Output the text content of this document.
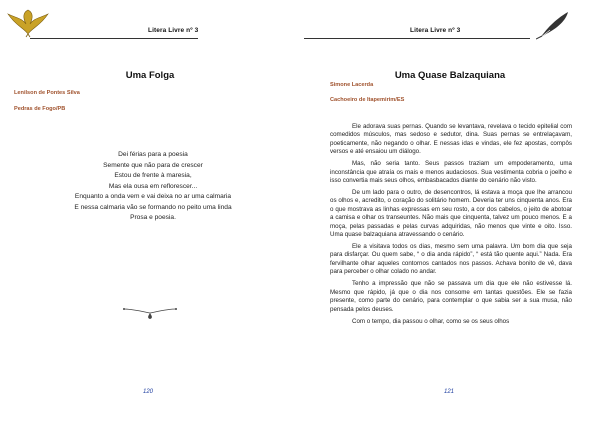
Litera Livre nº 3
Uma Folga
Lenilson de Pontes Silva
Pedras de Fogo/PB
Dei férias para a poesia
Semente que não para de crescer
Estou de frente à maresia,
Mas ela ousa em reflorescer...
Enquanto a onda vem e vai deixa no ar uma calmaria
E nessa calmaria vão se formando no peito uma linda
Prosa e poesia.
120
Litera Livre nº 3
Uma Quase Balzaquiana
Simone Lacerda
Cachoeiro de Itapemirim/ES

Ele adorava suas pernas. Quando se levantava, revelava o tecido epitelial com comedidos músculos, mas sedoso e sedutor, dina. Suas pernas se entrelaçavam, poeticamente, não negando o olhar. E nessas idas e vindas, ele fez apostas, compôs versos e até ensaiou um diálogo.

Mas, não seria tanto. Seus passos traziam um empoderamento, uma inconstância que atraía os mais e menos audaciosos. Sua vestimenta cobria o joelho e isso convertia mais seus olhos, embasbacados diante do cenário não visto.

De um lado para o outro, de desencontros, lá estava a moça que lhe arrancou os olhos e, acredito, o coração do solitário homem. Deveria ter uns cinquenta anos. Era o que mostrava as linhas expressas em seu rosto, a cor dos cabelos, o jeito de abotoar a camisa e olhar os transeuntes. Não mais que cinquenta, talvez um pouco menos. E a moça, pelas passadas e pelas curvas adquiridas, não menos que vinte e oito. Isso. Uma quase balzaquiana atravessando o cenário.

Ele a visitava todos os dias, mesmo sem uma palavra. Um bom dia que seja para disfarçar. Ou quem sabe, “ o dia anda rápido”, “ está tão quente aqui.” Nada. Era fervilhante olhar aqueles contornos cantados nos passos. Achava bonito de vê, dava para perceber o olhar colado no andar.

Tenho a impressão que não se passava um dia que ele não estivesse lá. Mesmo que rápido, já que o dia nos consome em tantas questões. Ele se fazia presente, como parte do cenário, para contemplar o que sabia ser a sua musa, não pensada pelos deuses.

Com o tempo, dia passou o olhar, como se os seus olhos

121
